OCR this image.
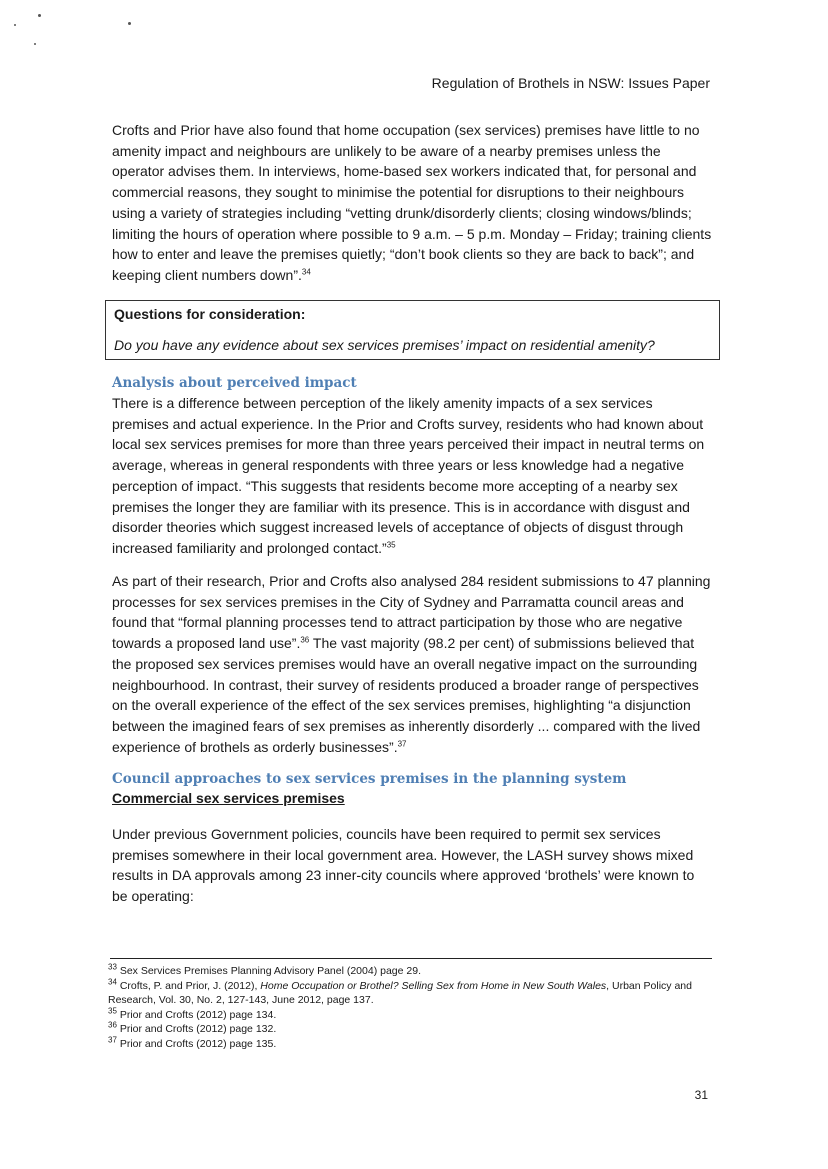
Regulation of Brothels in NSW: Issues Paper

Crofts and Prior have also found that home occupation (sex services) premises have little to no amenity impact and neighbours are unlikely to be aware of a nearby premises unless the operator advises them. In interviews, home-based sex workers indicated that, for personal and commercial reasons, they sought to minimise the potential for disruptions to their neighbours using a variety of strategies including “vetting drunk/disorderly clients; closing windows/blinds; limiting the hours of operation where possible to 9 a.m. – 5 p.m. Monday – Friday; training clients how to enter and leave the premises quietly; “don’t book clients so they are back to back”; and keeping client numbers down”.$^{34}$

Questions for consideration:
Do you have any evidence about sex services premises’ impact on residential amenity?
Analysis about perceived impact

There is a difference between perception of the likely amenity impacts of a sex services premises and actual experience. In the Prior and Crofts survey, residents who had known about local sex services premises for more than three years perceived their impact in neutral terms on average, whereas in general respondents with three years or less knowledge had a negative perception of impact. “This suggests that residents become more accepting of a nearby sex premises the longer they are familiar with its presence. This is in accordance with disgust and disorder theories which suggest increased levels of acceptance of objects of disgust through increased familiarity and prolonged contact.”$^{35}$

As part of their research, Prior and Crofts also analysed 284 resident submissions to 47 planning processes for sex services premises in the City of Sydney and Parramatta council areas and found that “formal planning processes tend to attract participation by those who are negative towards a proposed land use”.$^{36}$ The vast majority (98.2 per cent) of submissions believed that the proposed sex services premises would have an overall negative impact on the surrounding neighbourhood. In contrast, their survey of residents produced a broader range of perspectives on the overall experience of the effect of the sex services premises, highlighting “a disjunction between the imagined fears of sex premises as inherently disorderly ... compared with the lived experience of brothels as orderly businesses”.$^{37}$

Council approaches to sex services premises in the planning system
Commercial sex services premises

Under previous Government policies, councils have been required to permit sex services premises somewhere in their local government area. However, the LASH survey shows mixed results in DA approvals among 23 inner-city councils where approved ‘brothels’ were known to be operating:

$^{33}$ Sex Services Premises Planning Advisory Panel (2004) page 29.
$^{34}$ Crofts, P. and Prior, J. (2012), Home Occupation or Brothel? Selling Sex from Home in New South Wales, Urban Policy and Research, Vol. 30, No. 2, 127-143, June 2012, page 137.
$^{35}$ Prior and Crofts (2012) page 134.
$^{36}$ Prior and Crofts (2012) page 132.
$^{37}$ Prior and Crofts (2012) page 135.
31
